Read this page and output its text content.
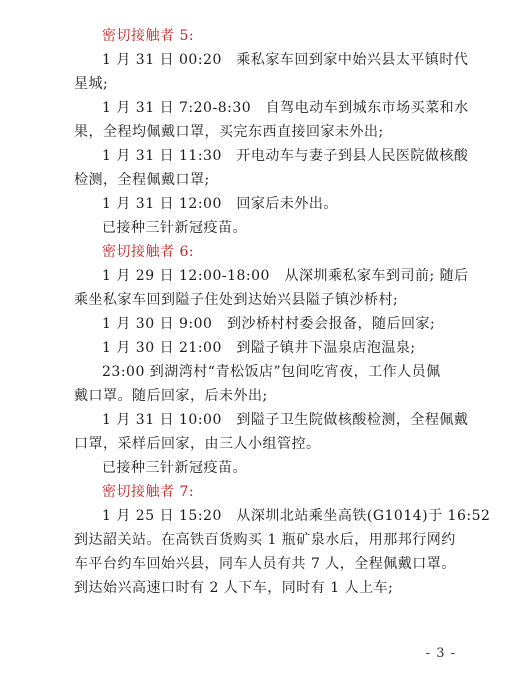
密切接触者 5:
1 月 31 日 00:20　乘私家车回到家中始兴县太平镇时代
星城;
1 月 31 日 7:20-8:30　自驾电动车到城东市场买菜和水
果，全程均佩戴口罩，买完东西直接回家未外出;
1 月 31 日 11:30　开电动车与妻子到县人民医院做核酸
检测，全程佩戴口罩;
1 月 31 日 12:00　回家后未外出。
已接种三针新冠疫苗。
密切接触者 6:
1 月 29 日 12:00-18:00　从深圳乘私家车到司前; 随后
乘坐私家车回到隘子住处到达始兴县隘子镇沙桥村;
1 月 30 日 9:00　到沙桥村村委会报备，随后回家;
1 月 30 日 21:00　到隘子镇井下温泉店泡温泉;
23:00 到湖湾村“青松饭店”包间吃宵夜，工作人员佩
戴口罩。随后回家，后未外出;
1 月 31 日 10:00　到隘子卫生院做核酸检测，全程佩戴
口罩，采样后回家，由三人小组管控。
已接种三针新冠疫苗。
密切接触者 7:
1 月 25 日 15:20　从深圳北站乘坐高铁(G1014)于 16:52
到达韶关站。在高铁百货购买 1 瓶矿泉水后，用那邦行网约
车平台约车回始兴县，同车人员有共 7 人，全程佩戴口罩。
到达始兴高速口时有 2 人下车，同时有 1 人上车;
- 3 -
